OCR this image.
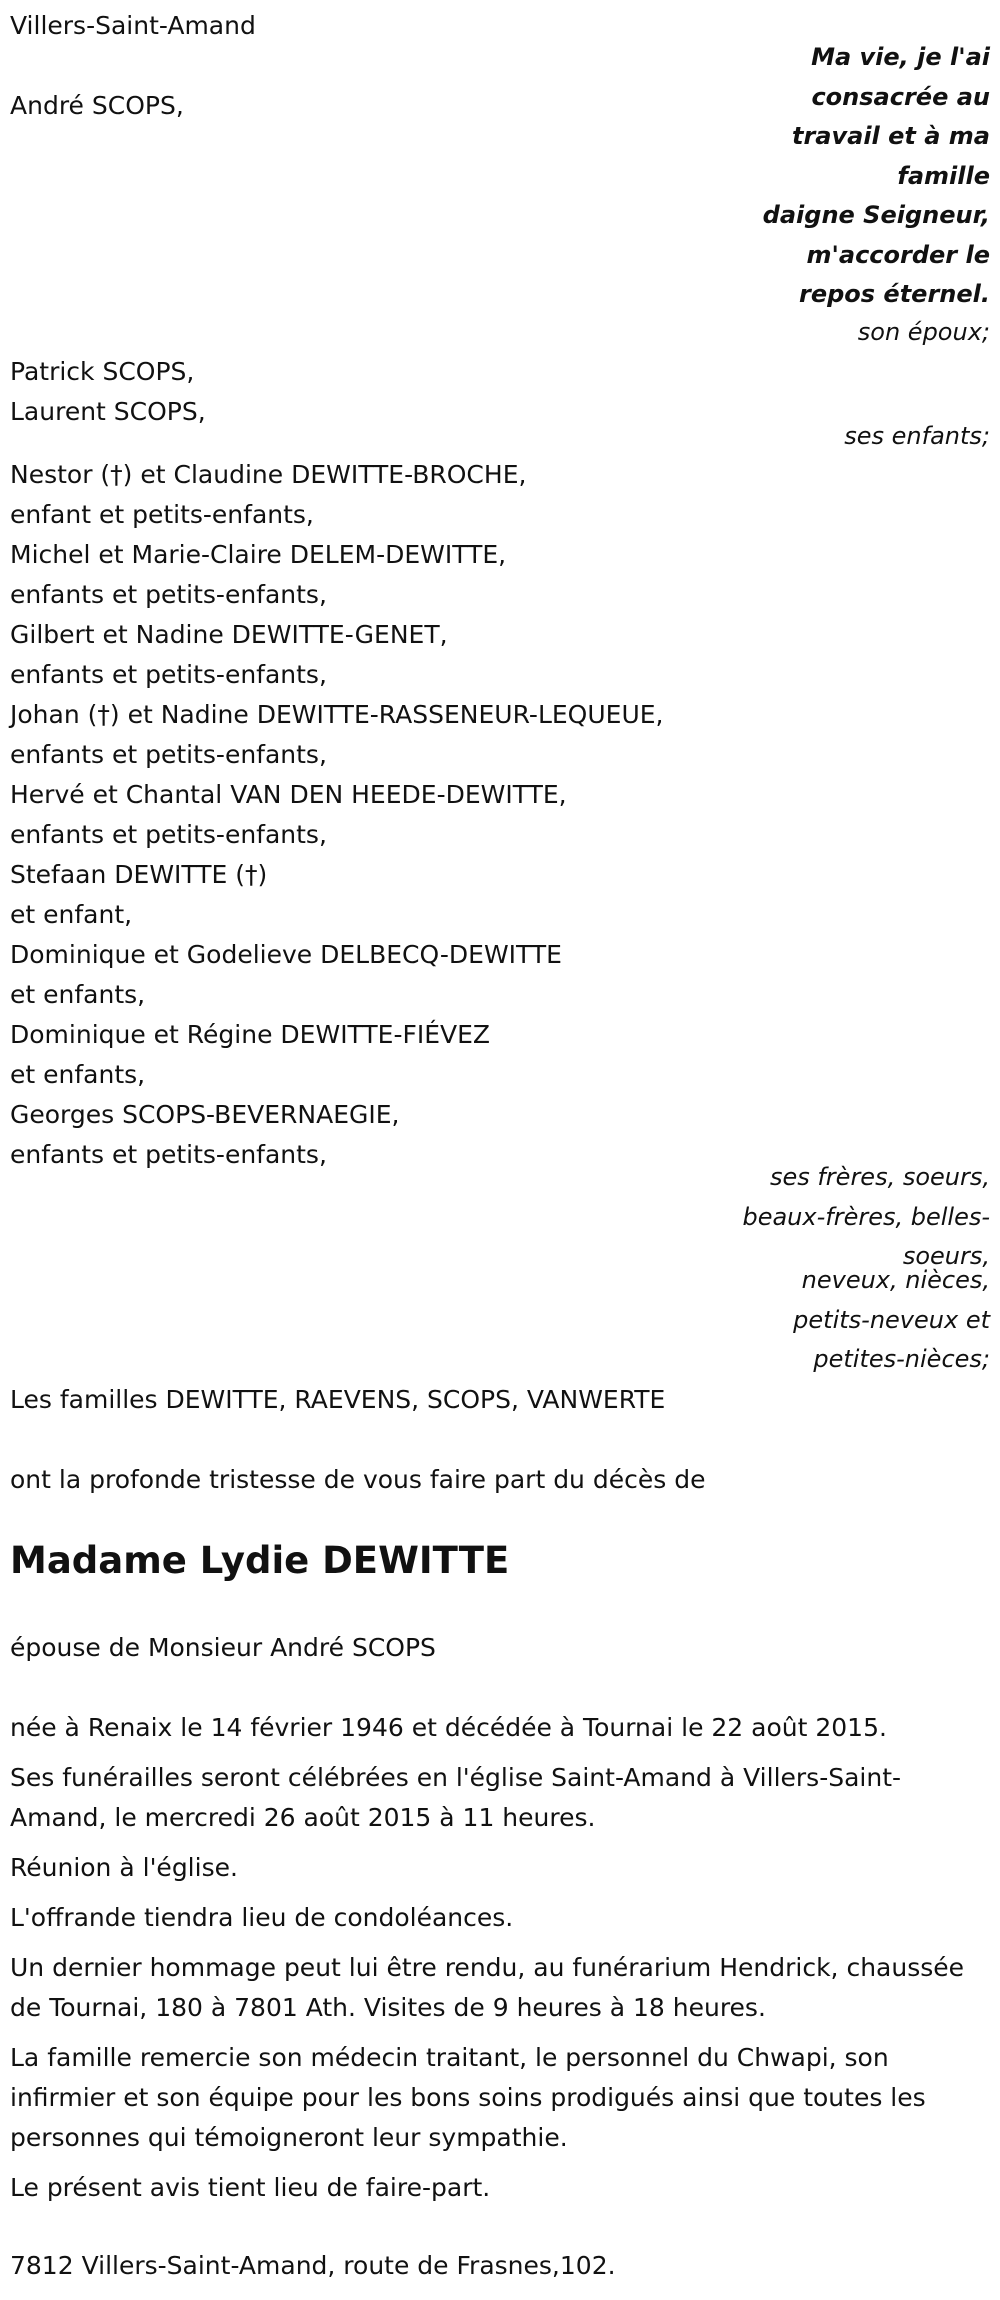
Villers-Saint-Amand
André SCOPS,
Ma vie, je l'ai
consacrée au
travail et à ma
famille
daigne Seigneur,
m'accorder le
repos éternel.
son époux;
Patrick SCOPS,
Laurent SCOPS,
ses enfants;
Nestor (†) et Claudine DEWITTE-BROCHE,
enfant et petits-enfants,
Michel et Marie-Claire DELEM-DEWITTE,
enfants et petits-enfants,
Gilbert et Nadine DEWITTE-GENET,
enfants et petits-enfants,
Johan (†) et Nadine DEWITTE-RASSENEUR-LEQUEUE,
enfants et petits-enfants,
Hervé et Chantal VAN DEN HEEDE-DEWITTE,
enfants et petits-enfants,
Stefaan DEWITTE (†)
et enfant,
Dominique et Godelieve DELBECQ-DEWITTE
et enfants,
Dominique et Régine DEWITTE-FIÉVEZ
et enfants,
Georges SCOPS-BEVERNAEGIE,
enfants et petits-enfants,
ses frères, soeurs,
beaux-frères, belles-
soeurs,
neveux, nièces,
petits-neveux et
petites-nièces;
Les familles DEWITTE, RAEVENS, SCOPS, VANWERTE
ont la profonde tristesse de vous faire part du décès de
Madame Lydie DEWITTE
épouse de Monsieur André SCOPS
née à Renaix le 14 février 1946 et décédée à Tournai le 22 août 2015.
Ses funérailles seront célébrées en l'église Saint-Amand à Villers-Saint-Amand, le mercredi 26 août 2015 à 11 heures.
Réunion à l'église.
L'offrande tiendra lieu de condoléances.
Un dernier hommage peut lui être rendu, au funérarium Hendrick, chaussée de Tournai, 180 à 7801 Ath. Visites de 9 heures à 18 heures.
La famille remercie son médecin traitant, le personnel du Chwapi, son infirmier et son équipe pour les bons soins prodigués ainsi que toutes les personnes qui témoigneront leur sympathie.
Le présent avis tient lieu de faire-part.
7812 Villers-Saint-Amand, route de Frasnes,102.
